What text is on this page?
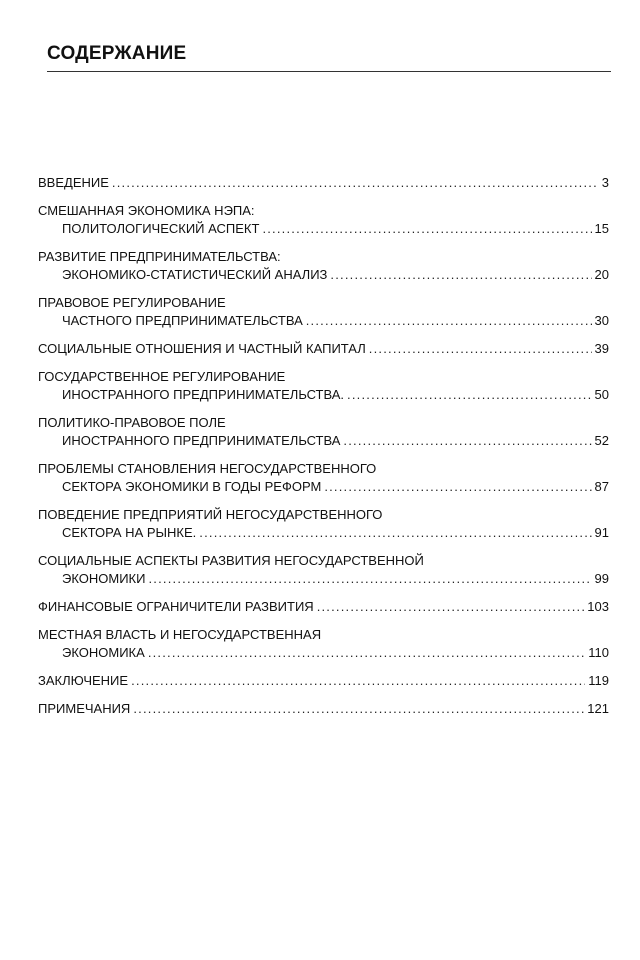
СОДЕРЖАНИЕ
ВВЕДЕНИЕ .....	3
СМЕШАННАЯ ЭКОНОМИКА НЭПА:
ПОЛИТОЛОГИЧЕСКИЙ АСПЕКТ .....	15
РАЗВИТИЕ ПРЕДПРИНИМАТЕЛЬСТВА:
ЭКОНОМИКО-СТАТИСТИЧЕСКИЙ АНАЛИЗ .....	20
ПРАВОВОЕ РЕГУЛИРОВАНИЕ
ЧАСТНОГО ПРЕДПРИНИМАТЕЛЬСТВА .....	30
СОЦИАЛЬНЫЕ ОТНОШЕНИЯ И ЧАСТНЫЙ КАПИТАЛ .....	39
ГОСУДАРСТВЕННОЕ РЕГУЛИРОВАНИЕ
ИНОСТРАННОГО ПРЕДПРИНИМАТЕЛЬСТВА. .....	50
ПОЛИТИКО-ПРАВОВОЕ ПОЛЕ
ИНОСТРАННОГО ПРЕДПРИНИМАТЕЛЬСТВА .....	52
ПРОБЛЕМЫ СТАНОВЛЕНИЯ НЕГОСУДАРСТВЕННОГО
СЕКТОРА ЭКОНОМИКИ В ГОДЫ РЕФОРМ .....	87
ПОВЕДЕНИЕ ПРЕДПРИЯТИЙ НЕГОСУДАРСТВЕННОГО
СЕКТОРА НА РЫНКЕ. .....	91
СОЦИАЛЬНЫЕ АСПЕКТЫ РАЗВИТИЯ НЕГОСУДАРСТВЕННОЙ
ЭКОНОМИКИ .....	99
ФИНАНСОВЫЕ ОГРАНИЧИТЕЛИ РАЗВИТИЯ .....	103
МЕСТНАЯ ВЛАСТЬ И НЕГОСУДАРСТВЕННАЯ
ЭКОНОМИКА .....	110
ЗАКЛЮЧЕНИЕ .....	119
ПРИМЕЧАНИЯ .....	121
